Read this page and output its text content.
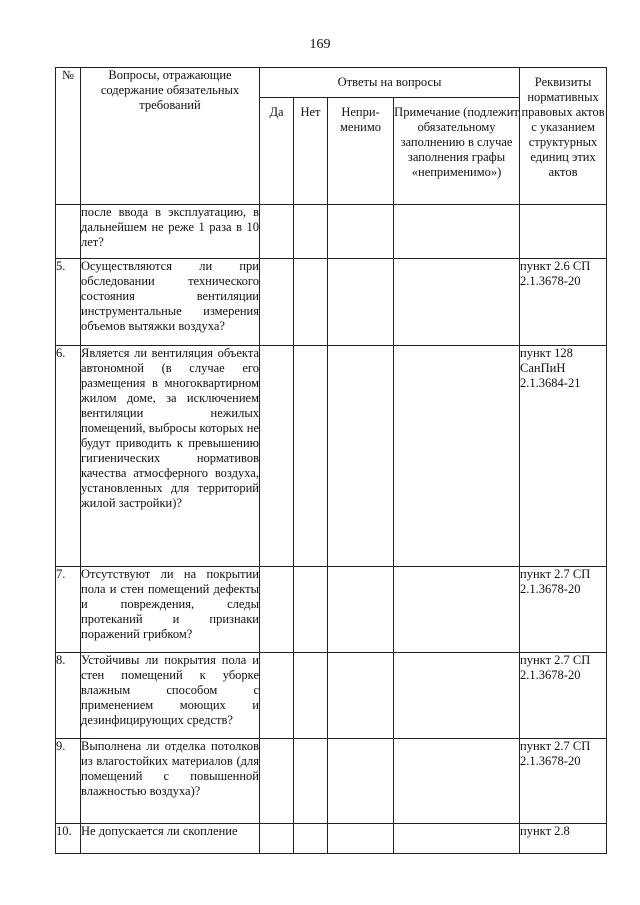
169
№	Вопросы, отражающие содержание обязательных требований	Ответы на вопросы				Реквизиты нормативных правовых актов с указанием структурных единиц этих актов
		Да	Нет	Непри-менимо	Примечание (подлежит обязательному заполнению в случае заполнения графы «неприменимо»)	
	после ввода в эксплуатацию, в дальнейшем не реже 1 раза в 10 лет?					
5.	Осуществляются ли при обследовании технического состояния вентиляции инструментальные измерения объемов вытяжки воздуха?					пункт 2.6 СП 2.1.3678-20
6.	Является ли вентиляция объекта автономной (в случае его размещения в многоквартирном жилом доме, за исключением вентиляции нежилых помещений, выбросы которых не будут приводить к превышению гигиенических нормативов качества атмосферного воздуха, установленных для территорий жилой застройки)?					пункт 128 СанПиН 2.1.3684-21
7.	Отсутствуют ли на покрытии пола и стен помещений дефекты и повреждения, следы протеканий и признаки поражений грибком?					пункт 2.7 СП 2.1.3678-20
8.	Устойчивы ли покрытия пола и стен помещений к уборке влажным способом с применением моющих и дезинфицирующих средств?					пункт 2.7 СП 2.1.3678-20
9.	Выполнена ли отделка потолков из влагостойких материалов (для помещений с повышенной влажностью воздуха)?					пункт 2.7 СП 2.1.3678-20
10.	Не допускается ли скопление					пункт 2.8
